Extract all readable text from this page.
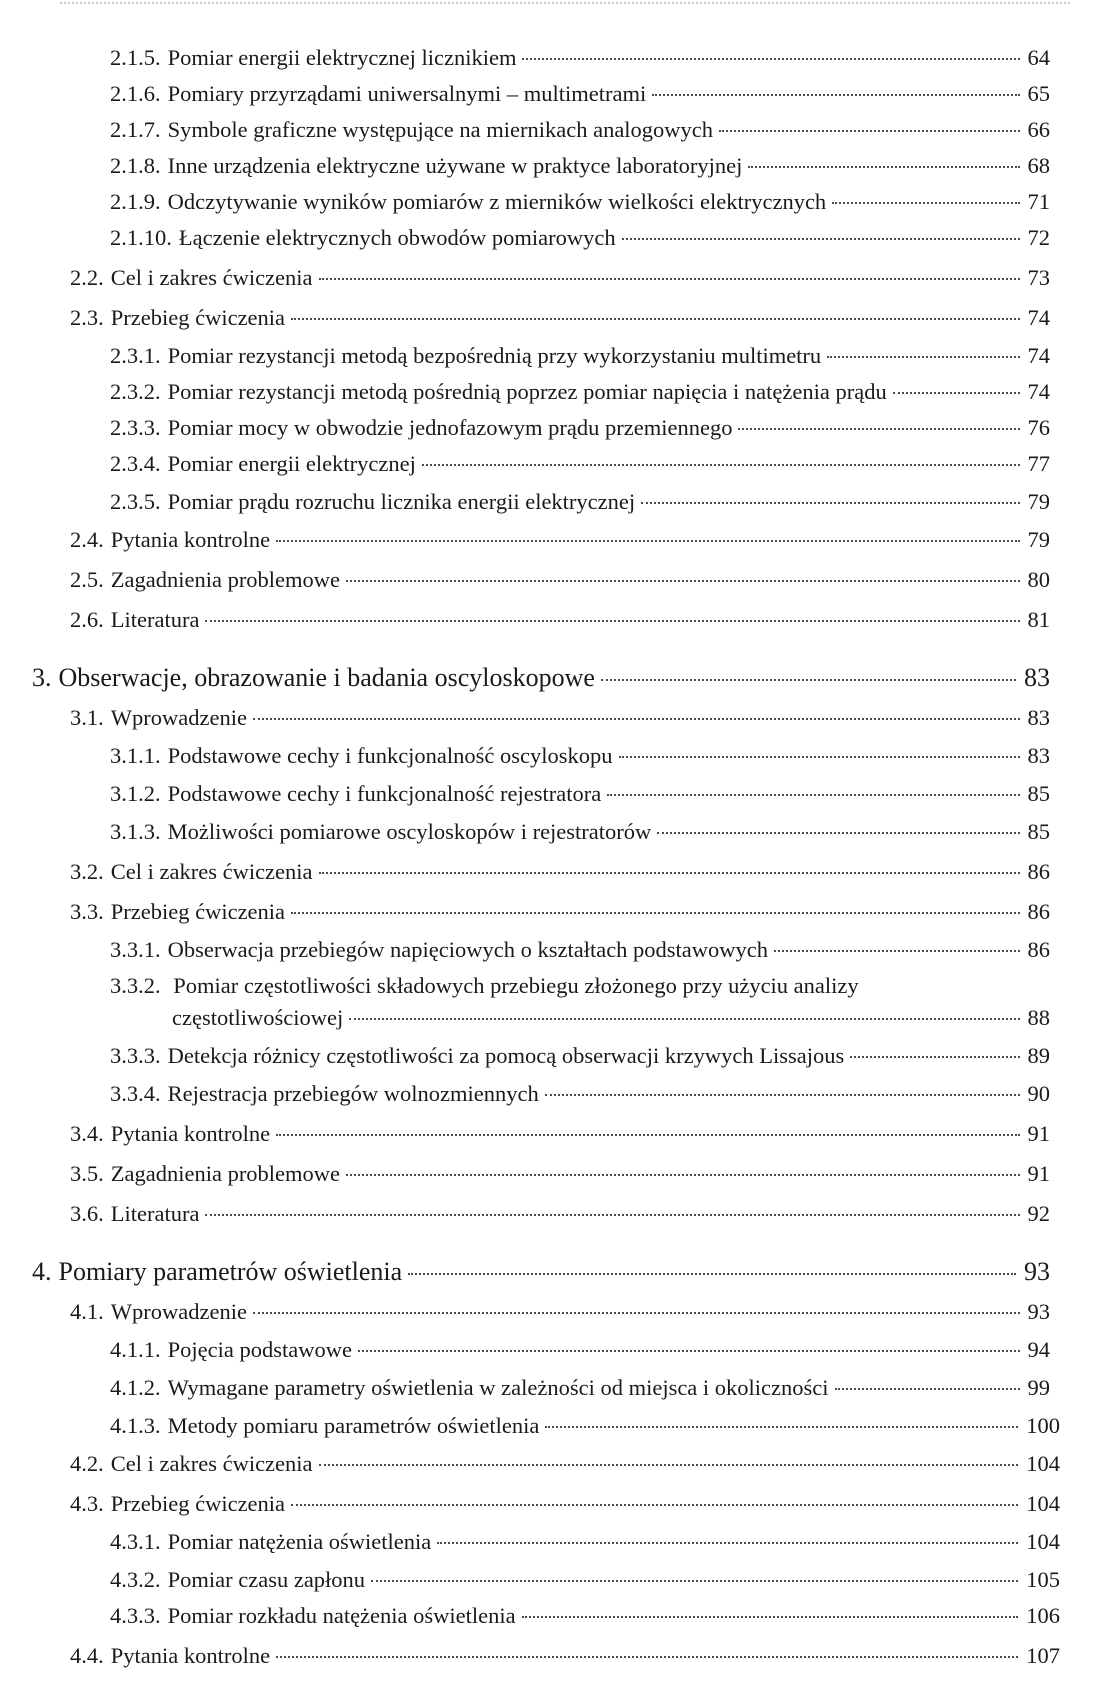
2.1.5. Pomiar energii elektrycznej licznikiem	64
2.1.6. Pomiary przyrządami uniwersalnymi – multimetrami	65
2.1.7. Symbole graficzne występujące na miernikach analogowych	66
2.1.8. Inne urządzenia elektryczne używane w praktyce laboratoryjnej	68
2.1.9. Odczytywanie wyników pomiarów z mierników wielkości elektrycznych	71
2.1.10. Łączenie elektrycznych obwodów pomiarowych	72
2.2. Cel i zakres ćwiczenia	73
2.3. Przebieg ćwiczenia	74
2.3.1. Pomiar rezystancji metodą bezpośrednią przy wykorzystaniu multimetru	74
2.3.2. Pomiar rezystancji metodą pośrednią poprzez pomiar napięcia i natężenia prądu	74
2.3.3. Pomiar mocy w obwodzie jednofazowym prądu przemiennego	76
2.3.4. Pomiar energii elektrycznej	77
2.3.5. Pomiar prądu rozruchu licznika energii elektrycznej	79
2.4. Pytania kontrolne	79
2.5. Zagadnienia problemowe	80
2.6. Literatura	81
3. Obserwacje, obrazowanie i badania oscyloskopowe	83
3.1. Wprowadzenie	83
3.1.1. Podstawowe cechy i funkcjonalność oscyloskopu	83
3.1.2. Podstawowe cechy i funkcjonalność rejestratora	85
3.1.3. Możliwości pomiarowe oscyloskopów i rejestratorów	85
3.2. Cel i zakres ćwiczenia	86
3.3. Przebieg ćwiczenia	86
3.3.1. Obserwacja przebiegów napięciowych o kształtach podstawowych	86
3.3.2. Pomiar częstotliwości składowych przebiegu złożonego przy użyciu analizy
częstotliwościowej	88
3.3.3. Detekcja różnicy częstotliwości za pomocą obserwacji krzywych Lissajous	89
3.3.4. Rejestracja przebiegów wolnozmiennych	90
3.4. Pytania kontrolne	91
3.5. Zagadnienia problemowe	91
3.6. Literatura	92
4. Pomiary parametrów oświetlenia	93
4.1. Wprowadzenie	93
4.1.1. Pojęcia podstawowe	94
4.1.2. Wymagane parametry oświetlenia w zależności od miejsca i okoliczności	99
4.1.3. Metody pomiaru parametrów oświetlenia	100
4.2. Cel i zakres ćwiczenia	104
4.3. Przebieg ćwiczenia	104
4.3.1. Pomiar natężenia oświetlenia	104
4.3.2. Pomiar czasu zapłonu	105
4.3.3. Pomiar rozkładu natężenia oświetlenia	106
4.4. Pytania kontrolne	107
